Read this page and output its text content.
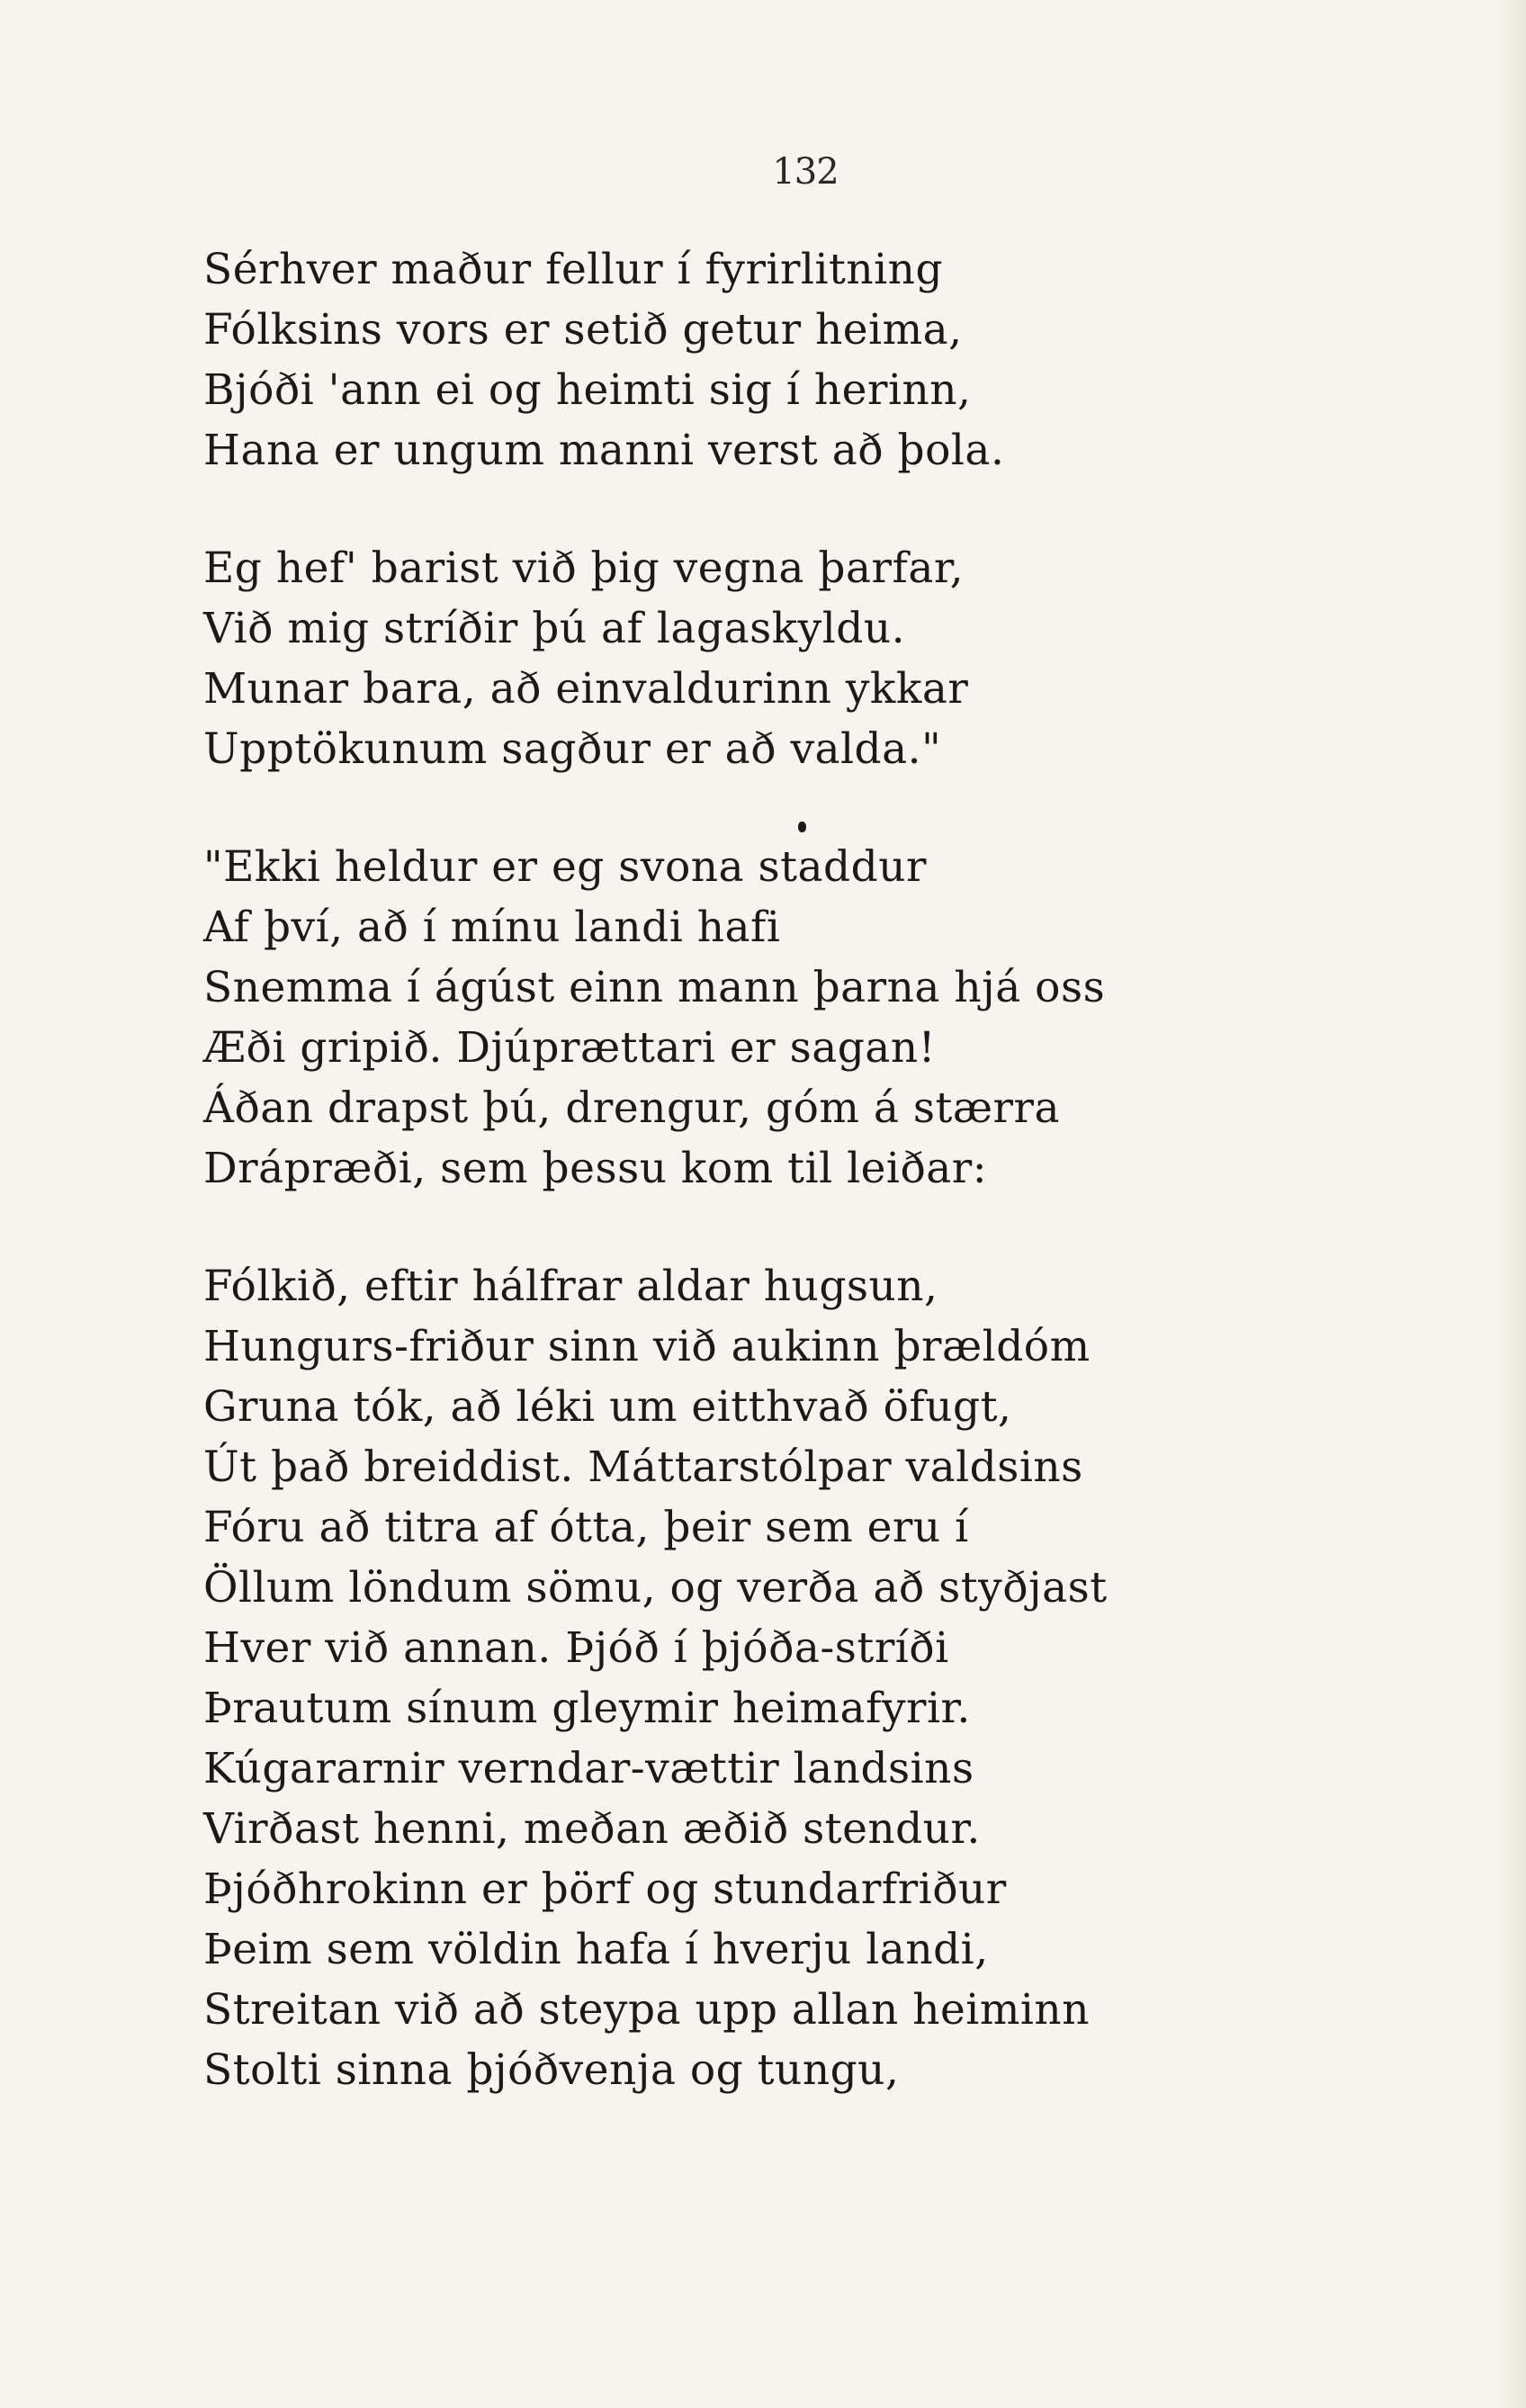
132
Sérhver maður fellur í fyrirlitning
Fólksins vors er setið getur heima,
Bjóði 'ann ei og heimti sig í herinn,
Hana er ungum manni verst að þola.
Eg hef' barist við þig vegna þarfar,
Við mig stríðir þú af lagaskyldu.
Munar bara, að einvaldurinn ykkar
Upptökunum sagður er að valda."
"Ekki heldur er eg svona staddur
Af því, að í mínu landi hafi
Snemma í ágúst einn mann þarna hjá oss
Æði gripið. Djúprættari er sagan!
Áðan drapst þú, drengur, góm á stærra
Drápræði, sem þessu kom til leiðar:
Fólkið, eftir hálfrar aldar hugsun,
Hungurs-friður sinn við aukinn þrældóm
Gruna tók, að léki um eitthvað öfugt,
Út það breiddist. Máttarstólpar valdsins
Fóru að titra af ótta, þeir sem eru í
Öllum löndum sömu, og verða að styðjast
Hver við annan. Þjóð í þjóða-stríði
Þrautum sínum gleymir heimafyrir.
Kúgararnir verndar-vættir landsins
Virðast henni, meðan æðið stendur.
Þjóðhrokinn er þörf og stundarfriður
Þeim sem völdin hafa í hverju landi,
Streitan við að steypa upp allan heiminn
Stolti sinna þjóðvenja og tungu,
